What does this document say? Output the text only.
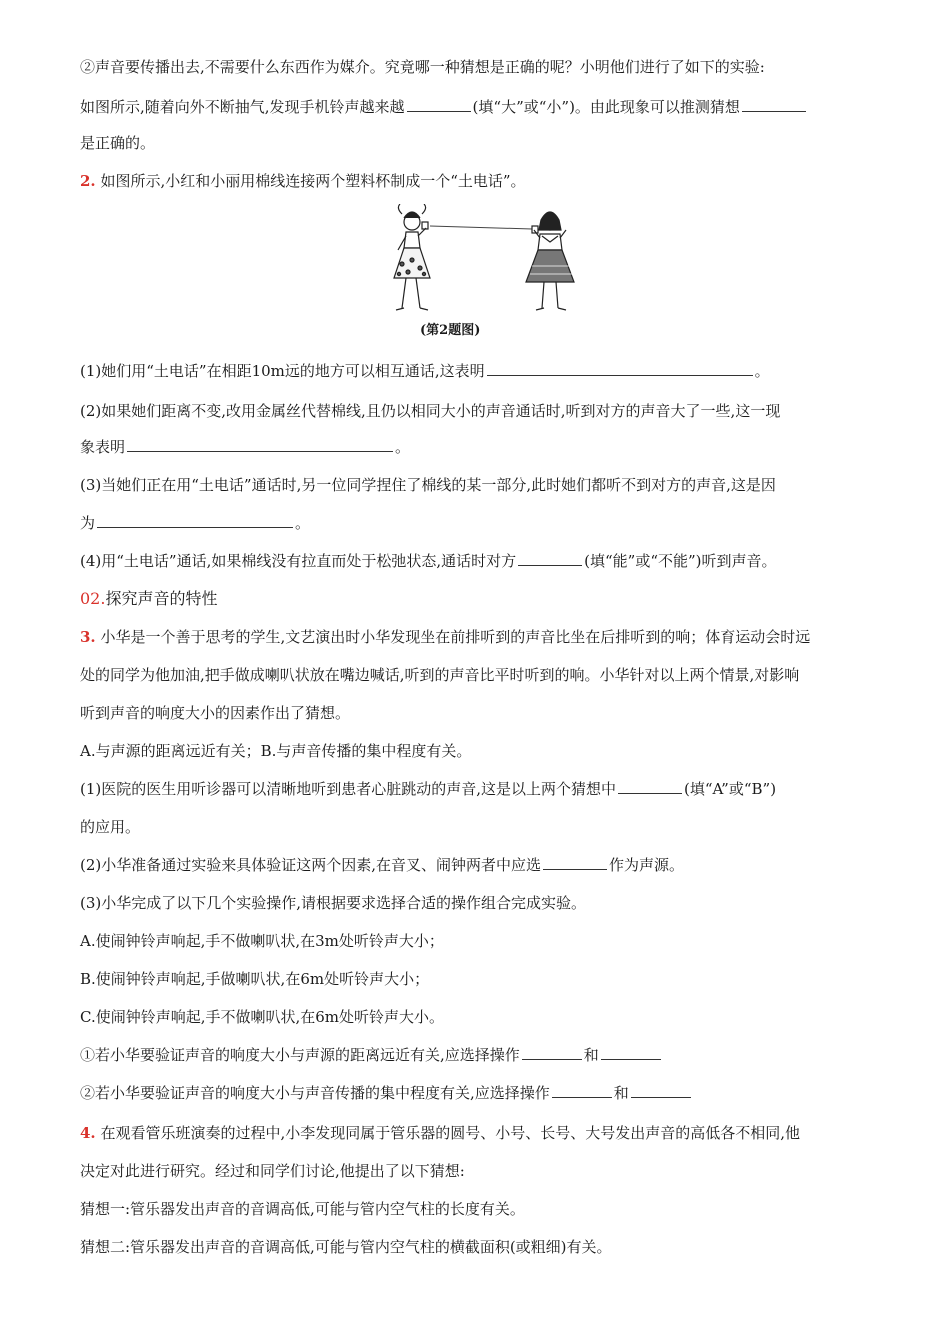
②声音要传播出去,不需要什么东西作为媒介。究竟哪一种猜想是正确的呢？小明他们进行了如下的实验:
如图所示,随着向外不断抽气,发现手机铃声越来越	(填“大”或“小”)。由此现象可以推测猜想
是正确的。
2. 如图所示,小红和小丽用棉线连接两个塑料杯制成一个“土电话”。
(第2题图)
(1)她们用“土电话”在相距10m远的地方可以相互通话,这表明	。
(2)如果她们距离不变,改用金属丝代替棉线,且仍以相同大小的声音通话时,听到对方的声音大了一些,这一现
象表明	。
(3)当她们正在用“土电话”通话时,另一位同学捏住了棉线的某一部分,此时她们都听不到对方的声音,这是因
为	。
(4)用“土电话”通话,如果棉线没有拉直而处于松弛状态,通话时对方	(填“能”或“不能”)听到声音。
02.探究声音的特性
3. 小华是一个善于思考的学生,文艺演出时小华发现坐在前排听到的声音比坐在后排听到的响；体育运动会时远
处的同学为他加油,把手做成喇叭状放在嘴边喊话,听到的声音比平时听到的响。小华针对以上两个情景,对影响
听到声音的响度大小的因素作出了猜想。
A.与声源的距离远近有关；B.与声音传播的集中程度有关。
(1)医院的医生用听诊器可以清晰地听到患者心脏跳动的声音,这是以上两个猜想中	(填“A”或“B”)
的应用。
(2)小华准备通过实验来具体验证这两个因素,在音叉、闹钟两者中应选	作为声源。
(3)小华完成了以下几个实验操作,请根据要求选择合适的操作组合完成实验。
A.使闹钟铃声响起,手不做喇叭状,在3m处听铃声大小；
B.使闹钟铃声响起,手做喇叭状,在6m处听铃声大小；
C.使闹钟铃声响起,手不做喇叭状,在6m处听铃声大小。
①若小华要验证声音的响度大小与声源的距离远近有关,应选择操作	和
②若小华要验证声音的响度大小与声音传播的集中程度有关,应选择操作	和
4. 在观看管乐班演奏的过程中,小李发现同属于管乐器的圆号、小号、长号、大号发出声音的高低各不相同,他
决定对此进行研究。经过和同学们讨论,他提出了以下猜想:
猜想一:管乐器发出声音的音调高低,可能与管内空气柱的长度有关。
猜想二:管乐器发出声音的音调高低,可能与管内空气柱的横截面积(或粗细)有关。
